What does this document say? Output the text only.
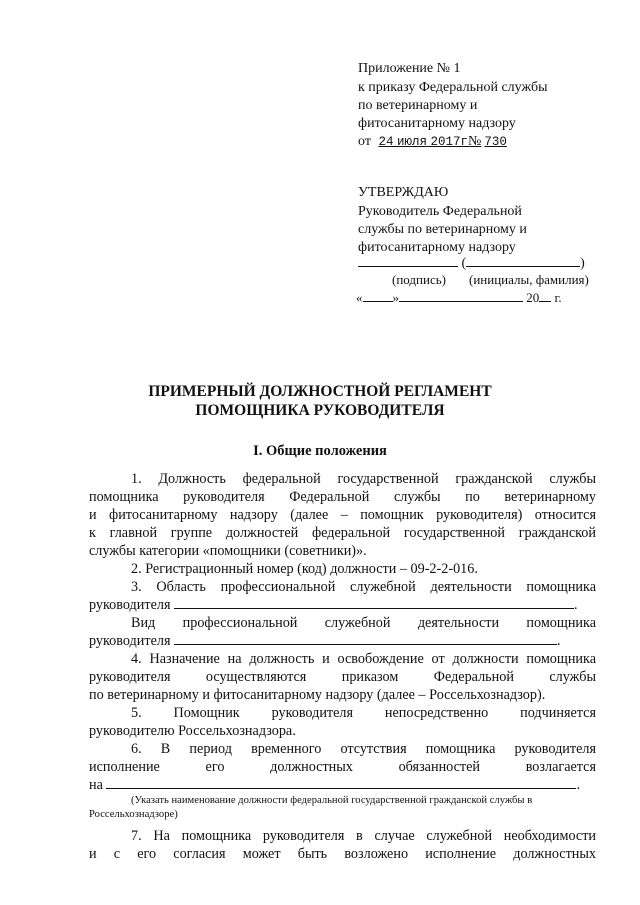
Приложение № 1
к приказу Федеральной службы
по ветеринарному и
фитосанитарному надзору
от 24 июля 2017г№ 730
УТВЕРЖДАЮ
Руководитель Федеральной
службы по ветеринарному и
фитосанитарному надзору
(	)
(подпись) (инициалы, фамилия)
« »	20 г.
ПРИМЕРНЫЙ ДОЛЖНОСТНОЙ РЕГЛАМЕНТ
ПОМОЩНИКА РУКОВОДИТЕЛЯ
I. Общие положения
1. Должность федеральной государственной гражданской службы
помощника руководителя Федеральной службы по ветеринарному
и фитосанитарному надзору (далее – помощник руководителя) относится
к главной группе должностей федеральной государственной гражданской
службы категории «помощники (советники)».
2. Регистрационный номер (код) должности – 09-2-2-016.
3. Область профессиональной служебной деятельности помощника
руководителя	.
Вид профессиональной служебной деятельности помощника
руководителя	.
4. Назначение на должность и освобождение от должности помощника
руководителя осуществляются приказом Федеральной службы
по ветеринарному и фитосанитарному надзору (далее – Россельхознадзор).
5. Помощник руководителя непосредственно подчиняется
руководителю Россельхознадзора.
6. В период временного отсутствия помощника руководителя
исполнение его должностных обязанностей возлагается
на	.
(Указать наименование должности федеральной государственной гражданской службы в
Россельхознадзоре)
7. На помощника руководителя в случае служебной необходимости
и с его согласия может быть возложено исполнение должностных
